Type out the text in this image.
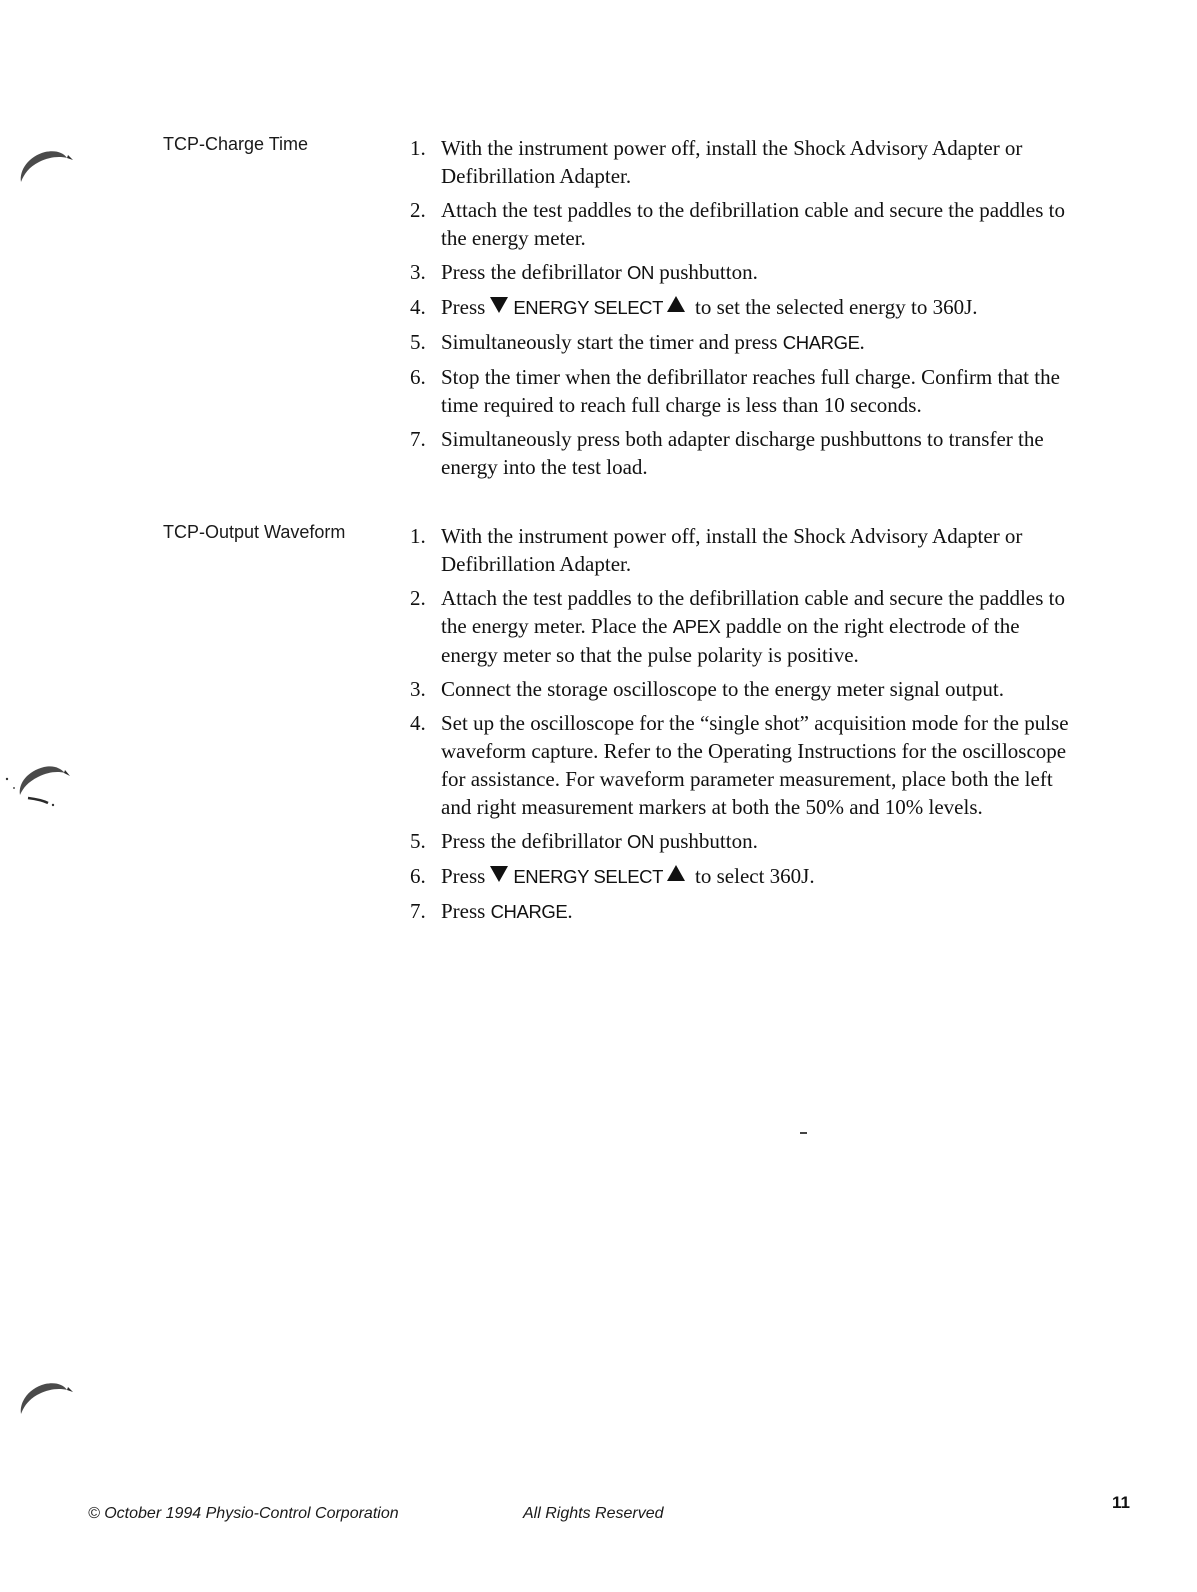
TCP-Charge Time	1. With the instrument power off, install the Shock Advisory Adapter or Defibrillation Adapter.
2. Attach the test paddles to the defibrillation cable and secure the paddles to the energy meter.
3. Press the defibrillator ON pushbutton.
4. Press ENERGY SELECT to set the selected energy to 360J.
5. Simultaneously start the timer and press CHARGE.
6. Stop the timer when the defibrillator reaches full charge. Confirm that the time required to reach full charge is less than 10 seconds.
7. Simultaneously press both adapter discharge pushbuttons to transfer the energy into the test load.
TCP-Output Waveform	1. With the instrument power off, install the Shock Advisory Adapter or Defibrillation Adapter.
2. Attach the test paddles to the defibrillation cable and secure the paddles to the energy meter. Place the APEX paddle on the right electrode of the energy meter so that the pulse polarity is positive.
3. Connect the storage oscilloscope to the energy meter signal output.
4. Set up the oscilloscope for the “single shot” acquisition mode for the pulse waveform capture. Refer to the Operating Instructions for the oscilloscope for assistance. For waveform parameter measurement, place both the left and right measurement markers at both the 50% and 10% levels.
5. Press the defibrillator ON pushbutton.
6. Press ENERGY SELECT to select 360J.
7. Press CHARGE.
© October 1994 Physio-Control Corporation	All Rights Reserved
11
